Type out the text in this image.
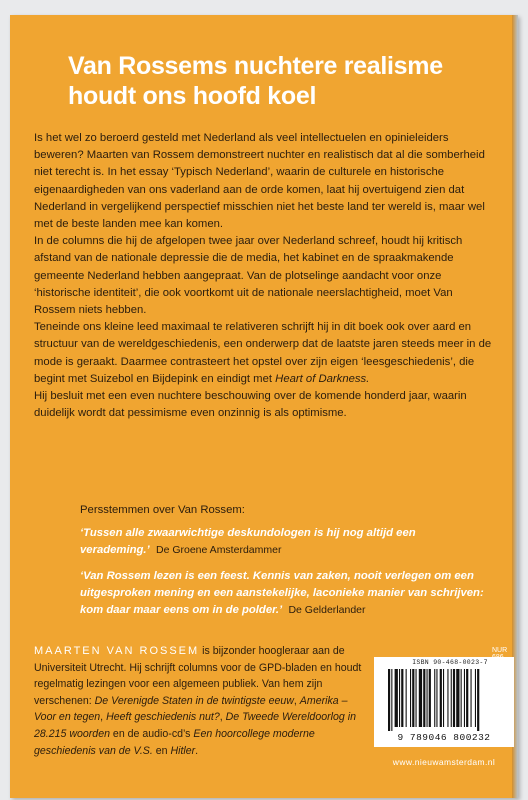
Van Rossems nuchtere realisme
houdt ons hoofd koel

Is het wel zo beroerd gesteld met Nederland als veel intellectuelen en opinieleiders beweren? Maarten van Rossem demonstreert nuchter en realistisch dat al die somberheid niet terecht is. In het essay ‘Typisch Nederland’, waarin de culturele en historische eigenaardigheden van ons vaderland aan de orde komen, laat hij overtuigend zien dat Nederland in vergelijkend perspectief misschien niet het beste land ter wereld is, maar wel met de beste landen mee kan komen.

In de columns die hij de afgelopen twee jaar over Nederland schreef, houdt hij kritisch afstand van de nationale depressie die de media, het kabinet en de spraakmakende gemeente Nederland hebben aangepraat. Van de plotselinge aandacht voor onze ‘historische identiteit’, die ook voortkomt uit de nationale neerslachtigheid, moet Van Rossem niets hebben.

Teneinde ons kleine leed maximaal te relativeren schrijft hij in dit boek ook over aard en structuur van de wereldgeschiedenis, een onderwerp dat de laatste jaren steeds meer in de mode is geraakt. Daarmee contrasteert het opstel over zijn eigen ‘leesgeschiedenis’, die begint met Suizebol en Bijdepink en eindigt met Heart of Darkness.

Hij besluit met een even nuchtere beschouwing over de komende honderd jaar, waarin duidelijk wordt dat pessimisme even onzinnig is als optimisme.

Persstemmen over Van Rossem:

‘Tussen alle zwaarwichtige deskundologen is hij nog altijd een verademing.’ De Groene Amsterdammer

‘Van Rossem lezen is een feest. Kennis van zaken, nooit verlegen om een uitgesproken mening en een aanstekelijke, laconieke manier van schrijven: kom daar maar eens om in de polder.’ De Gelderlander

MAARTEN VAN ROSSEM is bijzonder hoogleraar aan de Universiteit Utrecht. Hij schrijft columns voor de GPD-bladen en houdt regelmatig lezingen voor een algemeen publiek. Van hem zijn verschenen: De Verenigde Staten in de twintigste eeuw, Amerika – Voor en tegen, Heeft geschiedenis nut?, De Tweede Wereldoorlog in 28.215 woorden en de audio-cd’s Een hoorcollege moderne geschiedenis van de V.S. en Hitler.

NUR
ISBN 90-468-0023-7
9 789046 800232
www.nieuwamsterdam.nl
